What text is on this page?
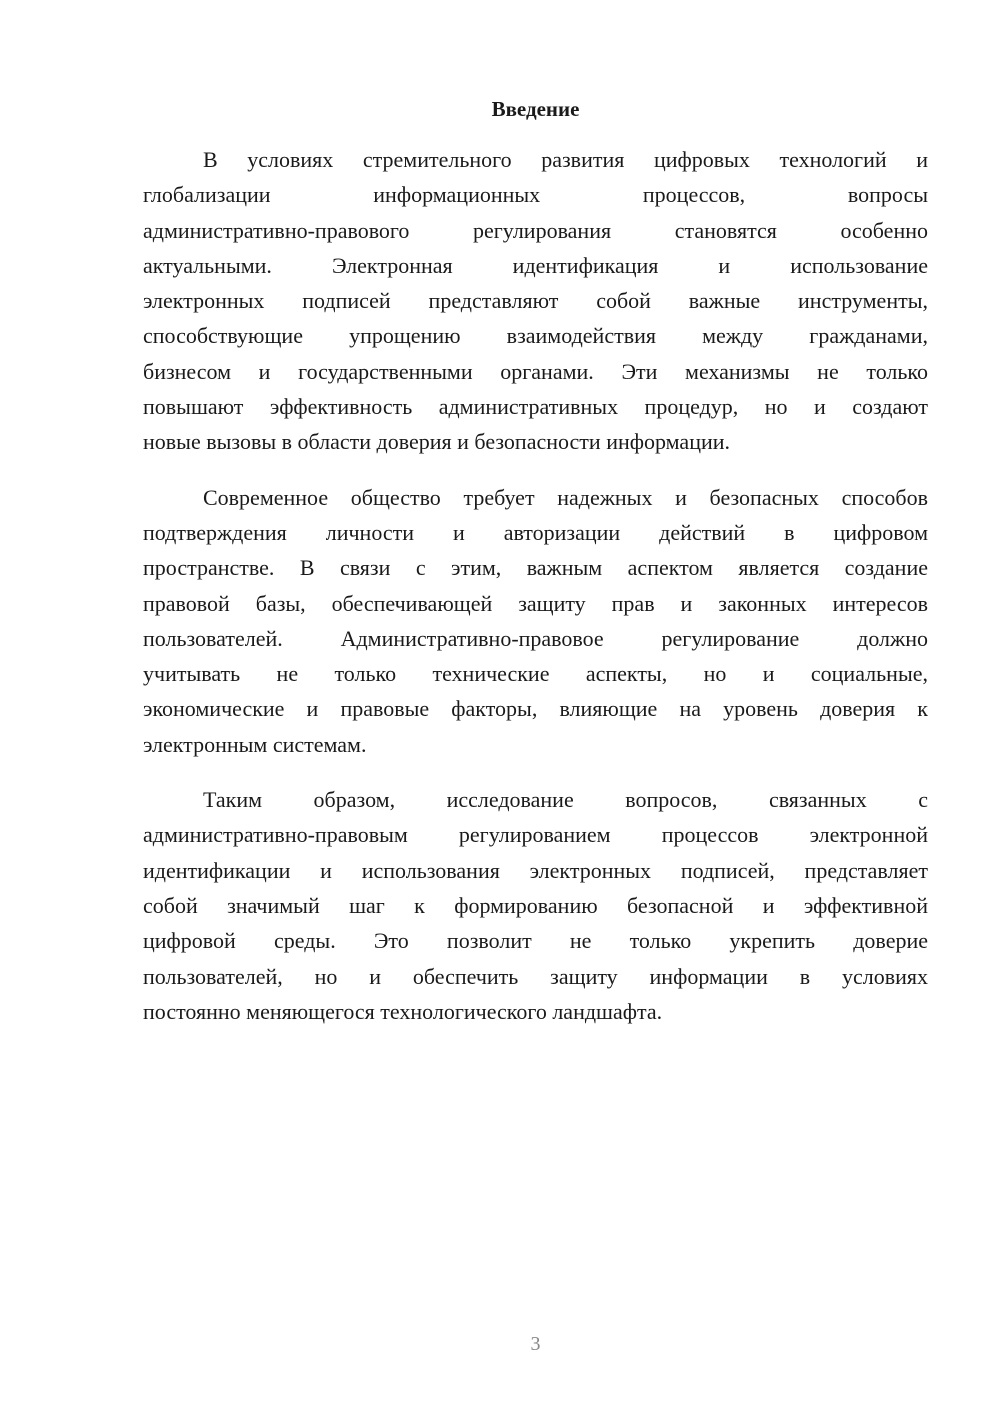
Введение
В условиях стремительного развития цифровых технологий и
глобализации информационных процессов, вопросы
административно-правового регулирования становятся особенно
актуальными. Электронная идентификация и использование
электронных подписей представляют собой важные инструменты,
способствующие упрощению взаимодействия между гражданами,
бизнесом и государственными органами. Эти механизмы не только
повышают эффективность административных процедур, но и создают
новые вызовы в области доверия и безопасности информации.
Современное общество требует надежных и безопасных способов
подтверждения личности и авторизации действий в цифровом
пространстве. В связи с этим, важным аспектом является создание
правовой базы, обеспечивающей защиту прав и законных интересов
пользователей. Административно-правовое регулирование должно
учитывать не только технические аспекты, но и социальные,
экономические и правовые факторы, влияющие на уровень доверия к
электронным системам.
Таким образом, исследование вопросов, связанных с
административно-правовым регулированием процессов электронной
идентификации и использования электронных подписей, представляет
собой значимый шаг к формированию безопасной и эффективной
цифровой среды. Это позволит не только укрепить доверие
пользователей, но и обеспечить защиту информации в условиях
постоянно меняющегося технологического ландшафта.
3
